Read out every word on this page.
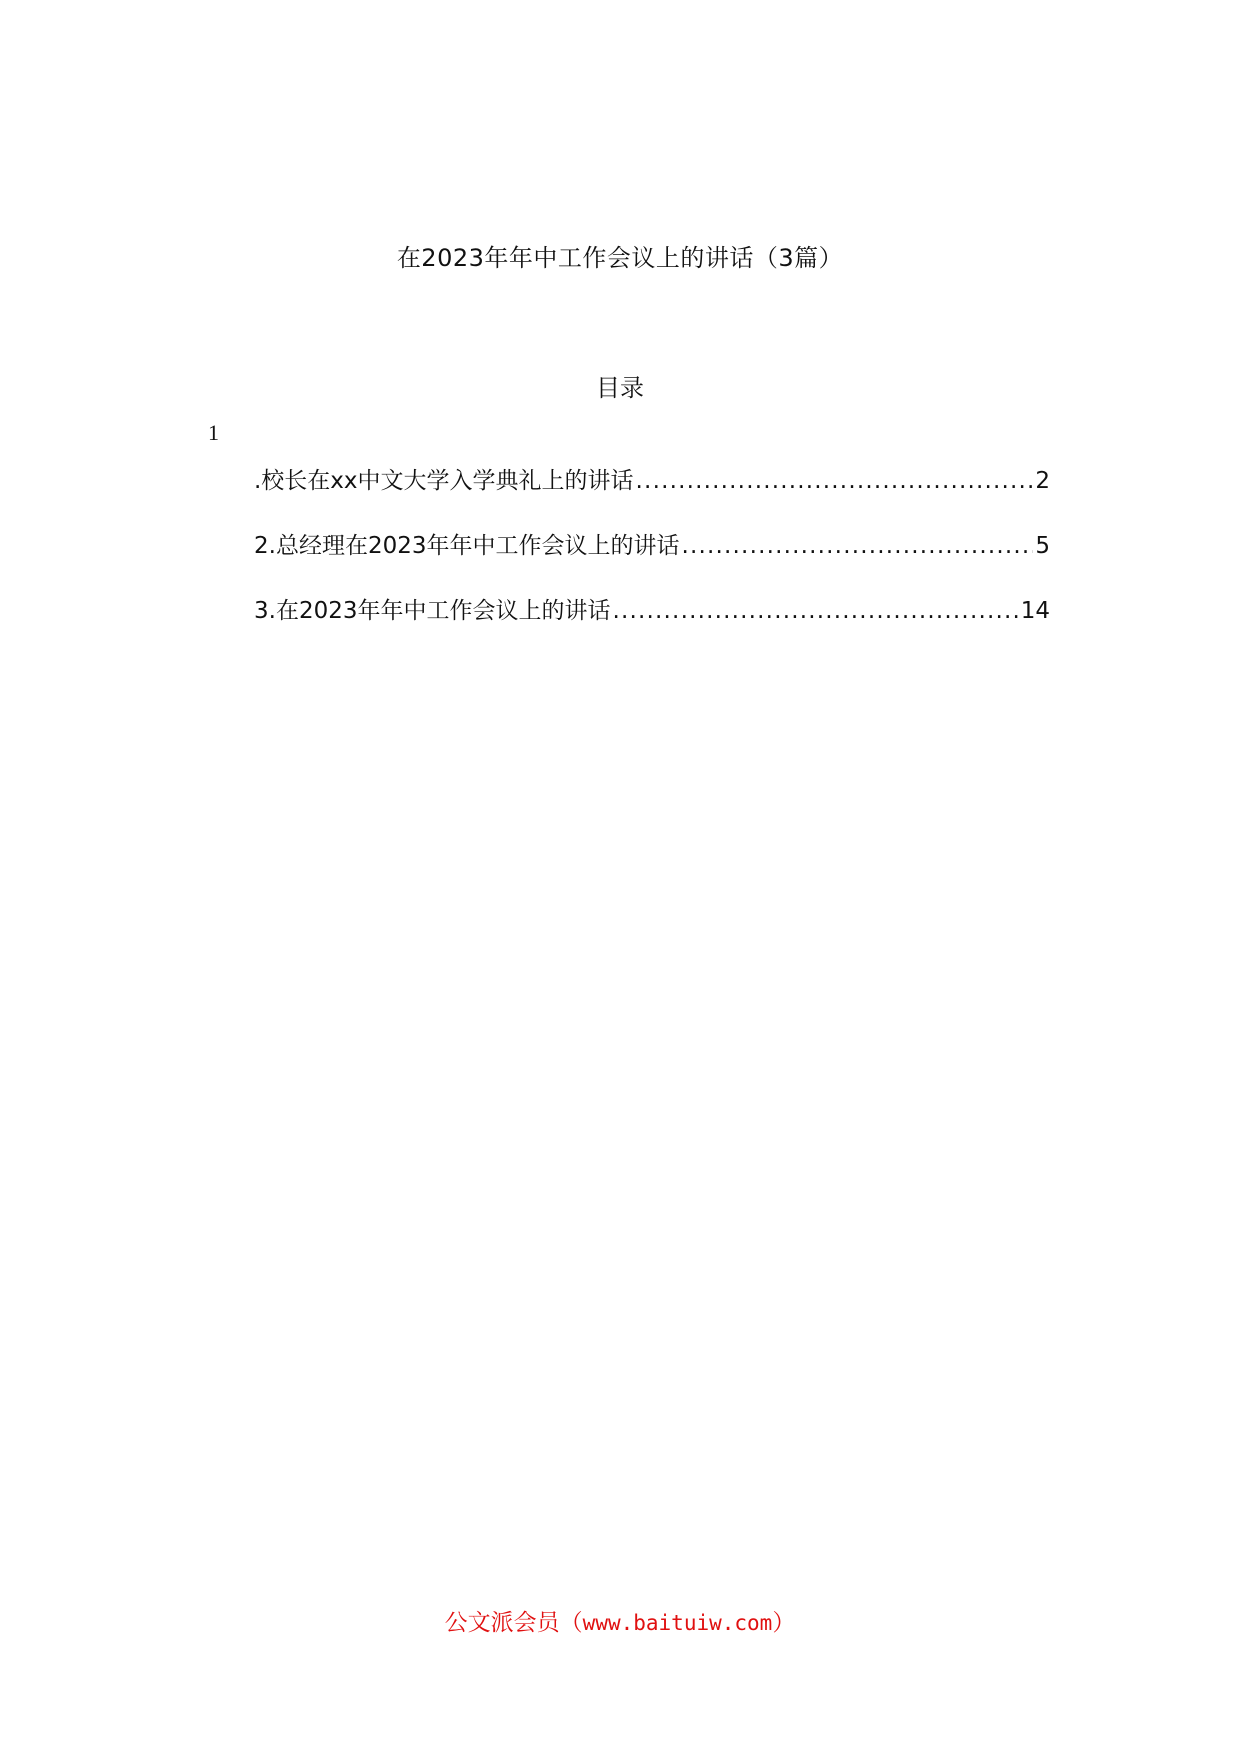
在2023年年中工作会议上的讲话（3篇）
目录
1
.校长在xx中文大学入学典礼上的讲话 .....	2
2.总经理在2023年年中工作会议上的讲话 .....	5
3.在2023年年中工作会议上的讲话 .....	14
公文派会员（www.baituiw.com）
